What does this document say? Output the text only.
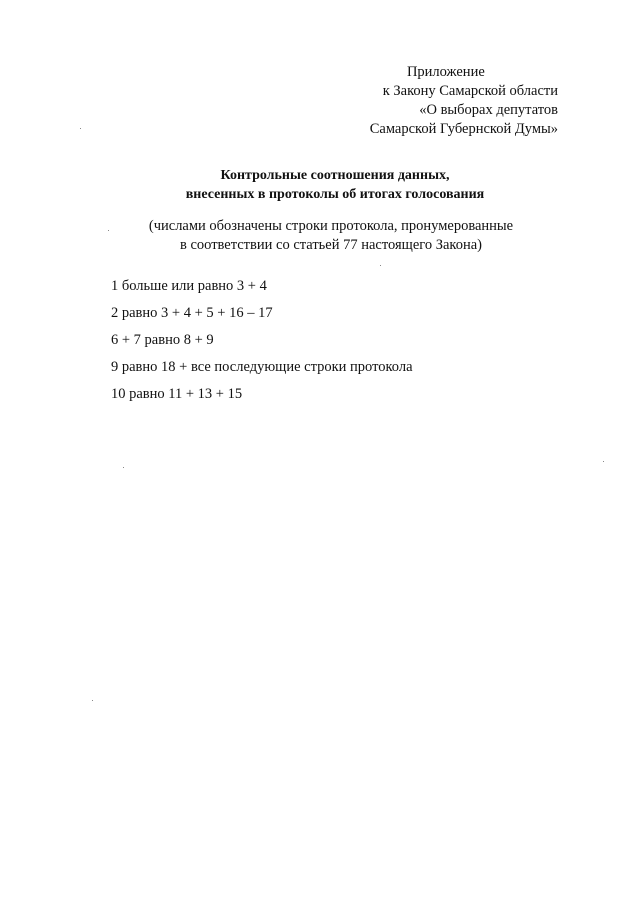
Приложение
к Закону Самарской области
«О выборах депутатов
Самарской Губернской Думы»
Контрольные соотношения данных,
внесенных в протоколы об итогах голосования
(числами обозначены строки протокола, пронумерованные
в соответствии со статьей 77 настоящего Закона)
1 больше или равно 3 + 4
2 равно 3 + 4 + 5 + 16 – 17
6 + 7 равно 8 + 9
9 равно 18 + все последующие строки протокола
10 равно 11 + 13 + 15
